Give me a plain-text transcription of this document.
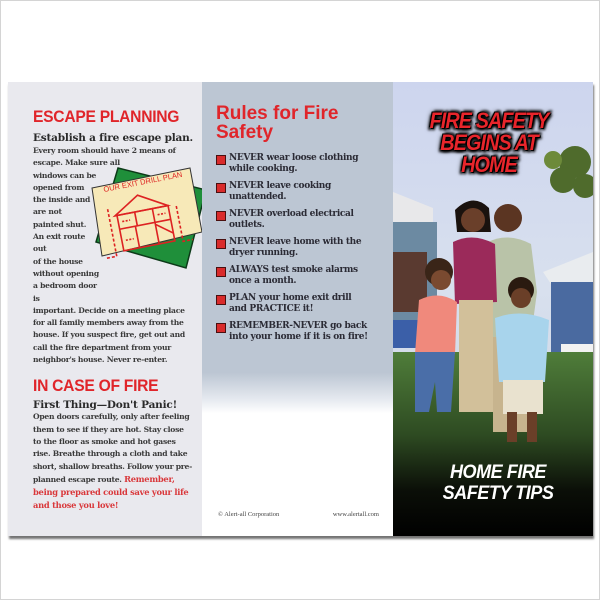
ESCAPE PLANNING
Establish a fire escape plan.
Every room should have 2 means of escape. Make sure all
windows can be
opened from
the inside and
are not
painted shut.
An exit route out
of the house
without opening
a bedroom door is
important. Decide on a meeting place for all family members away from the house. If you suspect fire, get out and call the fire department from your neighbor's house. Never re-enter.
OUR EXIT DRILL PLAN
IN CASE OF FIRE
First Thing—Don't Panic!
Open doors carefully, only after feeling them to see if they are hot. Stay close to the floor as smoke and hot gases rise. Breathe through a cloth and take short, shallow breaths. Follow your pre-planned escape route. Remember, being prepared could save your life and those you love!
Rules for Fire
Safety
NEVER wear loose clothing
while cooking.
NEVER leave cooking
unattended.
NEVER overload electrical
outlets.
NEVER leave home with the
dryer running.
ALWAYS test smoke alarms
once a month.
PLAN your home exit drill
and PRACTICE it!
REMEMBER-NEVER go back
into your home if it is on fire!
© Alert-all Corporation	www.alertall.com
FIRE SAFETY
BEGINS AT
HOME
HOME FIRE
SAFETY TIPS
